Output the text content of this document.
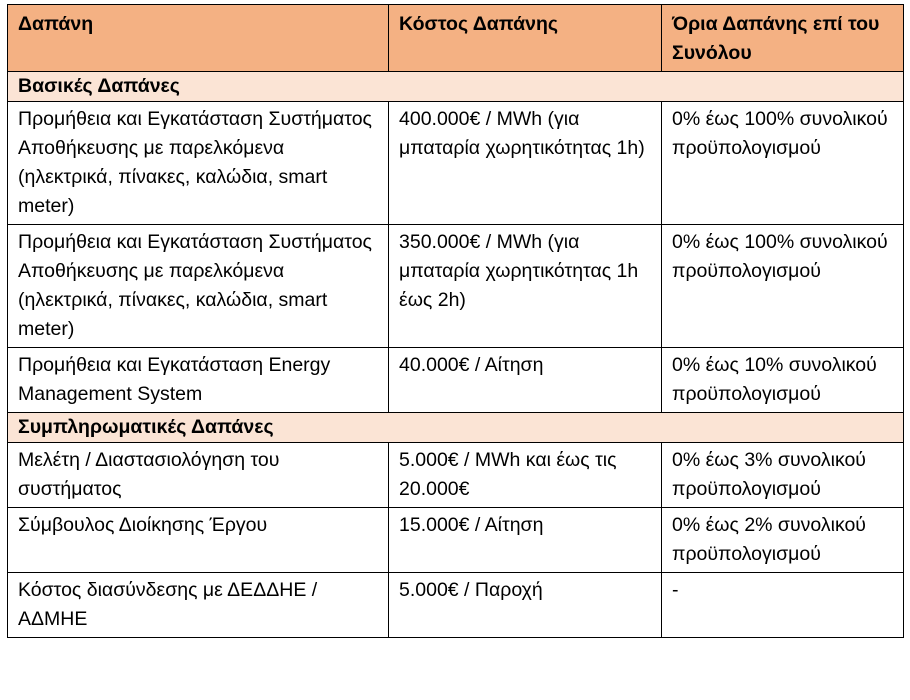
Δαπάνη	Κόστος Δαπάνης	Όρια Δαπάνης επί του Συνόλου
Βασικές Δαπάνες		
Προμήθεια και Εγκατάσταση Συστήματος Αποθήκευσης με παρελκόμενα (ηλεκτρικά, πίνακες, καλώδια, smart meter)	400.000€ / MWh (για μπαταρία χωρητικότητας 1h)	0% έως 100% συνολικού προϋπολογισμού
Προμήθεια και Εγκατάσταση Συστήματος Αποθήκευσης με παρελκόμενα (ηλεκτρικά, πίνακες, καλώδια, smart meter)	350.000€ / MWh (για μπαταρία χωρητικότητας 1h έως 2h)	0% έως 100% συνολικού προϋπολογισμού
Προμήθεια και Εγκατάσταση Energy Management System	40.000€ / Αίτηση	0% έως 10% συνολικού προϋπολογισμού
Συμπληρωματικές Δαπάνες		
Μελέτη / Διαστασιολόγηση του συστήματος	5.000€ / MWh και έως τις 20.000€	0% έως 3% συνολικού προϋπολογισμού
Σύμβουλος Διοίκησης Έργου	15.000€ / Αίτηση	0% έως 2% συνολικού προϋπολογισμού
Κόστος διασύνδεσης με ΔΕΔΔΗΕ / ΑΔΜΗΕ	5.000€ / Παροχή	-
